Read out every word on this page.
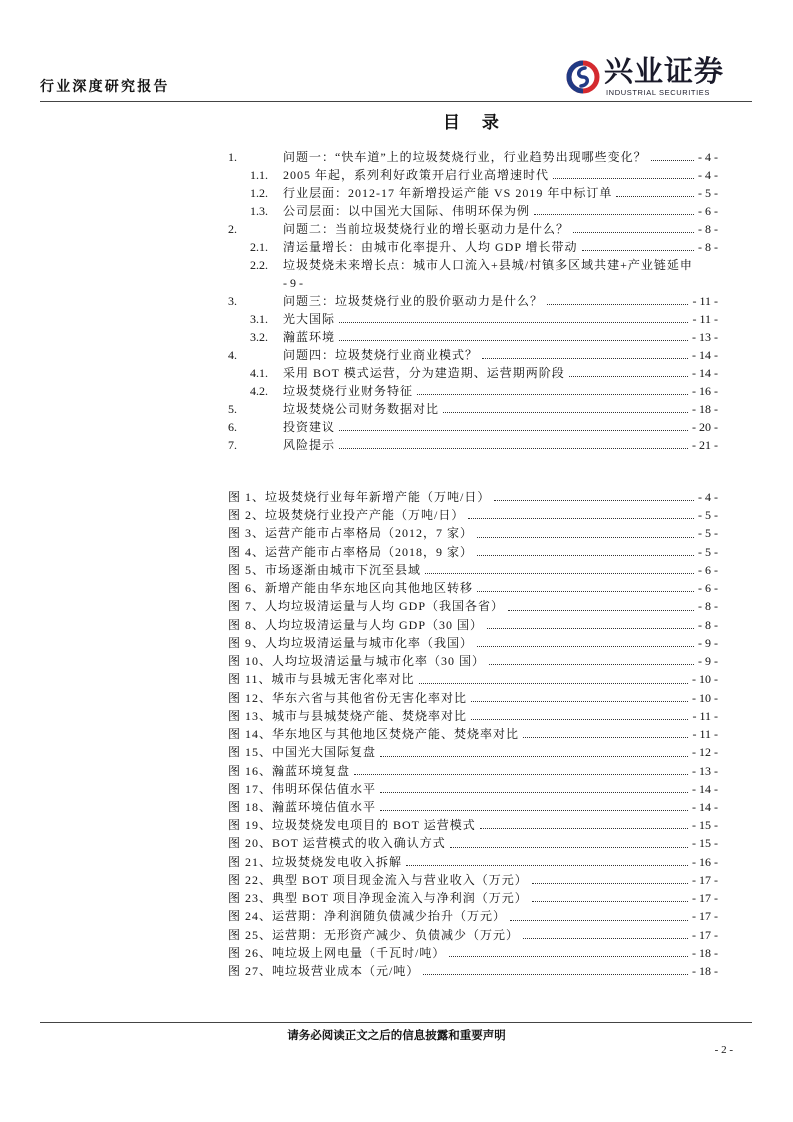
行业深度研究报告	兴业证券
INDUSTRIAL SECURITIES
目 录
1.	问题一：“快车道”上的垃圾焚烧行业，行业趋势出现哪些变化？	- 4 -
1.1.	2005 年起，系列利好政策开启行业高增速时代	- 4 -
1.2.	行业层面：2012-17 年新增投运产能 VS 2019 年中标订单	- 5 -
1.3.	公司层面：以中国光大国际、伟明环保为例	- 6 -
2.	问题二：当前垃圾焚烧行业的增长驱动力是什么？	- 8 -
2.1.	清运量增长：由城市化率提升、人均 GDP 增长带动	- 8 -
2.2.	垃圾焚烧未来增长点：城市人口流入+县城/村镇多区域共建+产业链延申
- 9 -
3.	问题三：垃圾焚烧行业的股价驱动力是什么？	- 11 -
3.1.	光大国际	- 11 -
3.2.	瀚蓝环境	- 13 -
4.	问题四：垃圾焚烧行业商业模式？	- 14 -
4.1.	采用 BOT 模式运营，分为建造期、运营期两阶段	- 14 -
4.2.	垃圾焚烧行业财务特征	- 16 -
5.	垃圾焚烧公司财务数据对比	- 18 -
6.	投资建议	- 20 -
7.	风险提示	- 21 -
图 1、垃圾焚烧行业每年新增产能（万吨/日）	- 4 -
图 2、垃圾焚烧行业投产产能（万吨/日）	- 5 -
图 3、运营产能市占率格局（2012，7 家）	- 5 -
图 4、运营产能市占率格局（2018，9 家）	- 5 -
图 5、市场逐渐由城市下沉至县域	- 6 -
图 6、新增产能由华东地区向其他地区转移	- 6 -
图 7、人均垃圾清运量与人均 GDP（我国各省）	- 8 -
图 8、人均垃圾清运量与人均 GDP（30 国）	- 8 -
图 9、人均垃圾清运量与城市化率（我国）	- 9 -
图 10、人均垃圾清运量与城市化率（30 国）	- 9 -
图 11、城市与县城无害化率对比	- 10 -
图 12、华东六省与其他省份无害化率对比	- 10 -
图 13、城市与县城焚烧产能、焚烧率对比	- 11 -
图 14、华东地区与其他地区焚烧产能、焚烧率对比	- 11 -
图 15、中国光大国际复盘	- 12 -
图 16、瀚蓝环境复盘	- 13 -
图 17、伟明环保估值水平	- 14 -
图 18、瀚蓝环境估值水平	- 14 -
图 19、垃圾焚烧发电项目的 BOT 运营模式	- 15 -
图 20、BOT 运营模式的收入确认方式	- 15 -
图 21、垃圾焚烧发电收入拆解	- 16 -
图 22、典型 BOT 项目现金流入与营业收入（万元）	- 17 -
图 23、典型 BOT 项目净现金流入与净利润（万元）	- 17 -
图 24、运营期：净利润随负债减少抬升（万元）	- 17 -
图 25、运营期：无形资产减少、负债减少（万元）	- 17 -
图 26、吨垃圾上网电量（千瓦时/吨）	- 18 -
图 27、吨垃圾营业成本（元/吨）	- 18 -
请务必阅读正文之后的信息披露和重要声明
- 2 -
